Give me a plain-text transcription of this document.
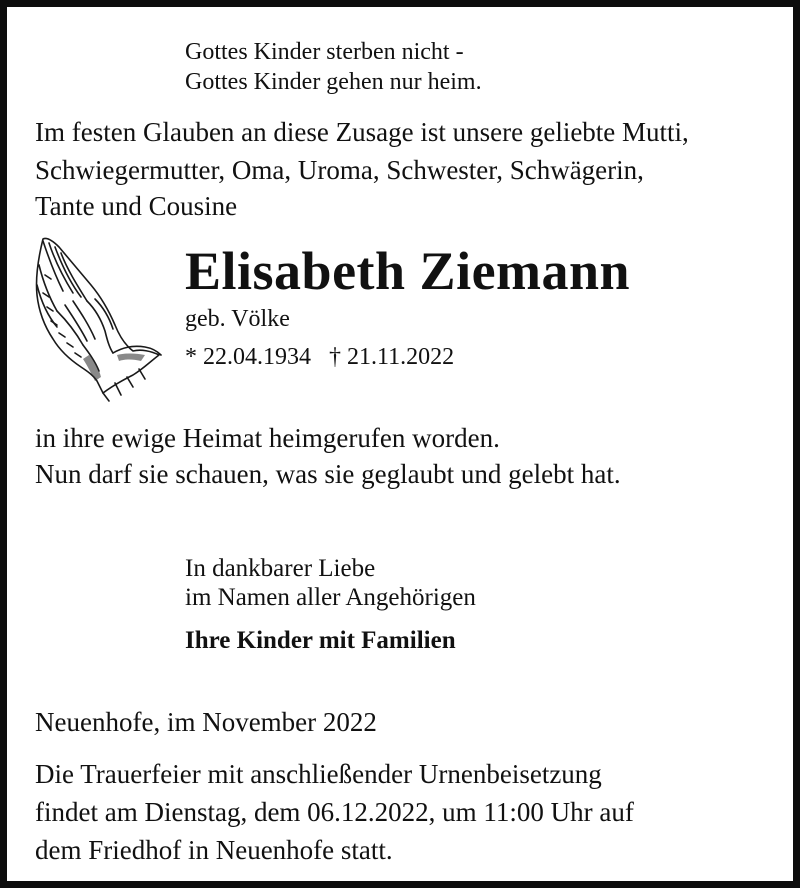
Gottes Kinder sterben nicht -
Gottes Kinder gehen nur heim.
Im festen Glauben an diese Zusage ist unsere geliebte Mutti,
Schwiegermutter, Oma, Uroma, Schwester, Schwägerin,
Tante und Cousine
Elisabeth Ziemann
geb. Völke
* 22.04.1934 † 21.11.2022
in ihre ewige Heimat heimgerufen worden.
Nun darf sie schauen, was sie geglaubt und gelebt hat.
In dankbarer Liebe
im Namen aller Angehörigen
Ihre Kinder mit Familien
Neuenhofe, im November 2022
Die Trauerfeier mit anschließender Urnenbeisetzung
findet am Dienstag, dem 06.12.2022, um 11:00 Uhr auf
dem Friedhof in Neuenhofe statt.
